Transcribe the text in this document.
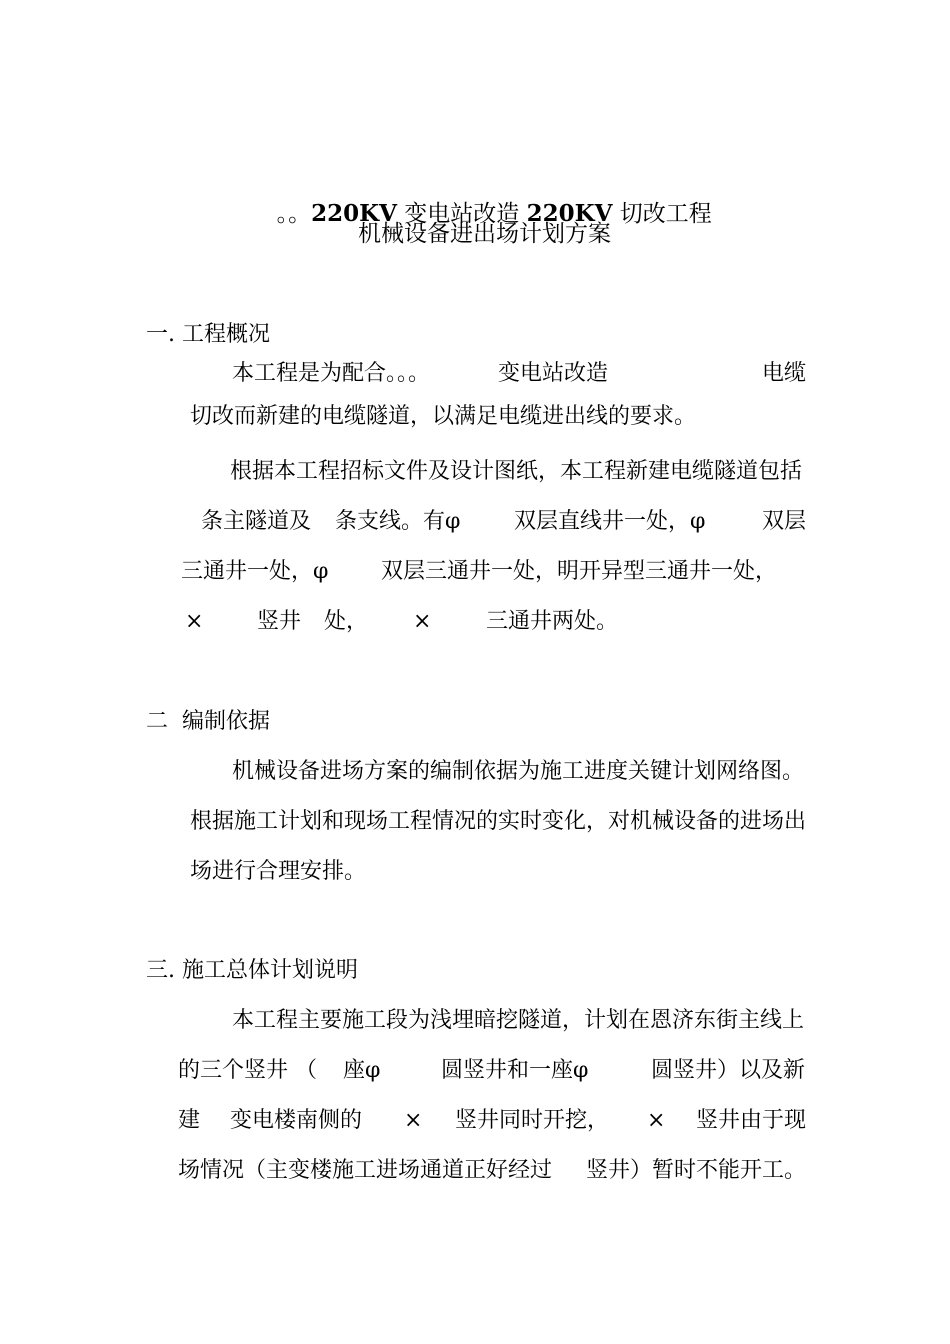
。。220KV 变电站改造 220KV 切改工程

机械设备进出场计划方案
一. 工程概况
本工程是为配合。。。	变电站改造	电缆
切改而新建的电缆隧道，以满足电缆进出线的要求。
根据本工程招标文件及设计图纸，本工程新建电缆隧道包括
条主隧道及 条支线。有φ 双层直线井一处，φ	双层
三通井一处，φ 双层三通井一处，明开异型三通井一处，
× 竖井 处， × 三通井两处。
二  编制依据
机械设备进场方案的编制依据为施工进度关键计划网络图。
根据施工计划和现场工程情况的实时变化，对机械设备的进场出
场进行合理安排。
三. 施工总体计划说明
本工程主要施工段为浅埋暗挖隧道，计划在恩济东街主线上
的三个竖井 （ 座φ	圆竖井和一座φ	圆竖井）以及新
建 变电楼南侧的 × 竖井同时开挖， × 竖井由于现
场情况（主变楼施工进场通道正好经过 竖井）暂时不能开工。
